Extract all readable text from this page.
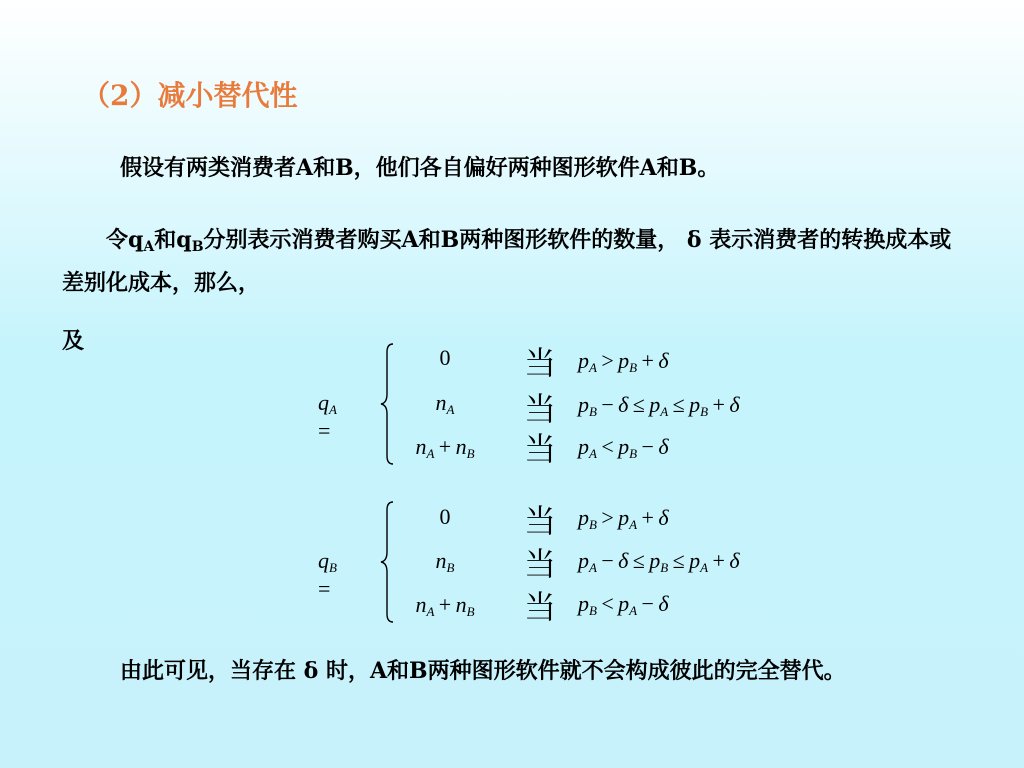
（2）减小替代性
假设有两类消费者A和B，他们各自偏好两种图形软件A和B。
令$q_A$和$q_B$分别表示消费者购买A和B两种图形软件的数量， δ 表示消费者的转换成本或差别化成本，那么，
及
qA =
0	当 pA > pB + δ
nA	当 pB − δ ≤ pA ≤ pB + δ
nA + nB	当 pA < pB − δ
qB =
0	当 pB > pA + δ
nB	当 pA − δ ≤ pB ≤ pA + δ
nA + nB	当 pB < pA − δ
由此可见，当存在 δ 时，A和B两种图形软件就不会构成彼此的完全替代。
